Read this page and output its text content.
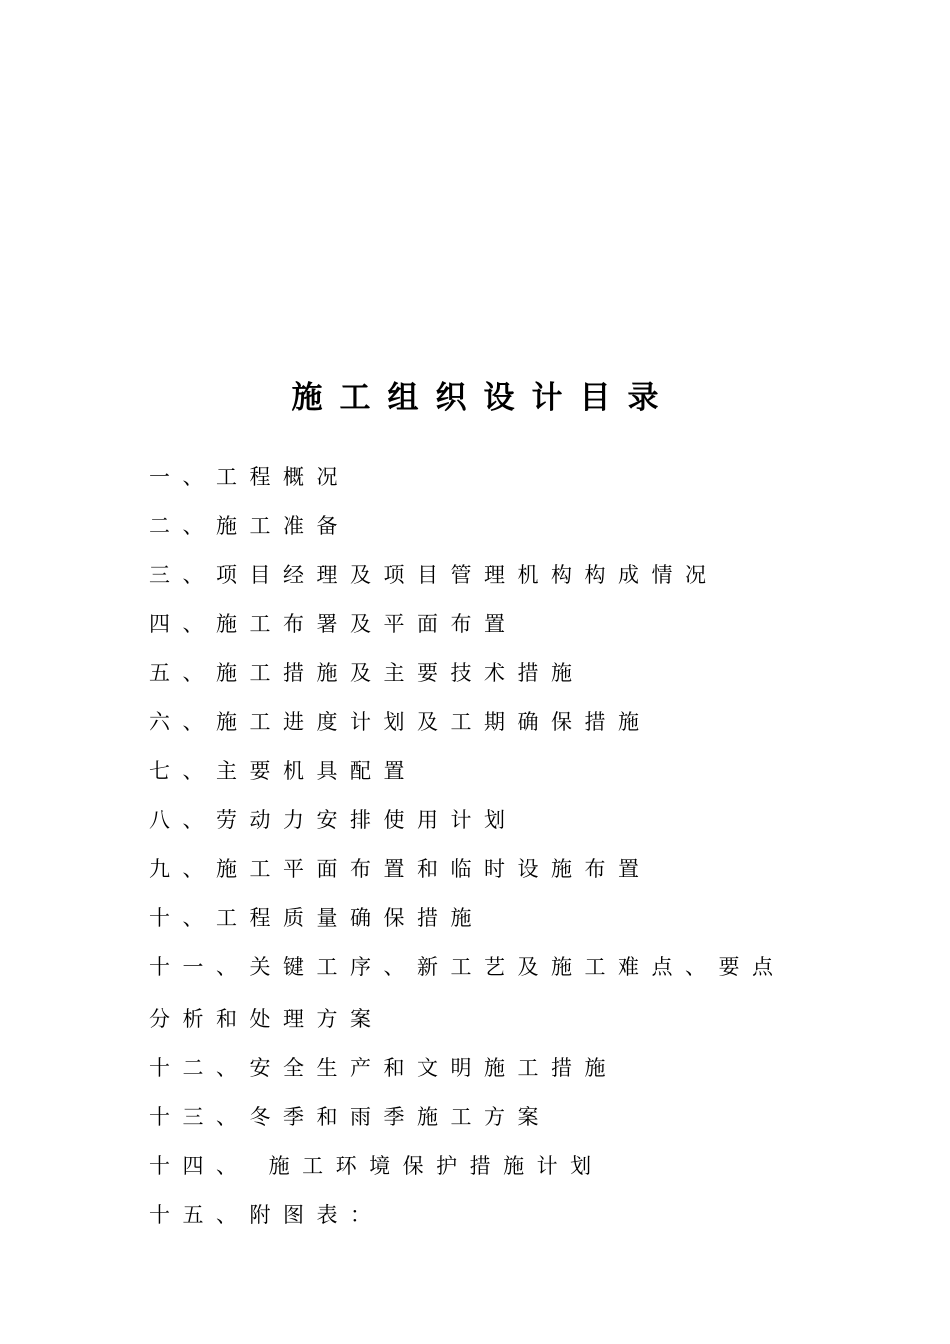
施工组织设计目录
一、工程概况
二、施工准备
三、项目经理及项目管理机构构成情况
四、施工布署及平面布置
五、施工措施及主要技术措施
六、施工进度计划及工期确保措施
七、主要机具配置
八、劳动力安排使用计划
九、施工平面布置和临时设施布置
十、工程质量确保措施
十一、关键工序、新工艺及施工难点、要点
分析和处理方案
十二、安全生产和文明施工措施
十三、冬季和雨季施工方案
十四、 施工环境保护措施计划
十五、附图表：
